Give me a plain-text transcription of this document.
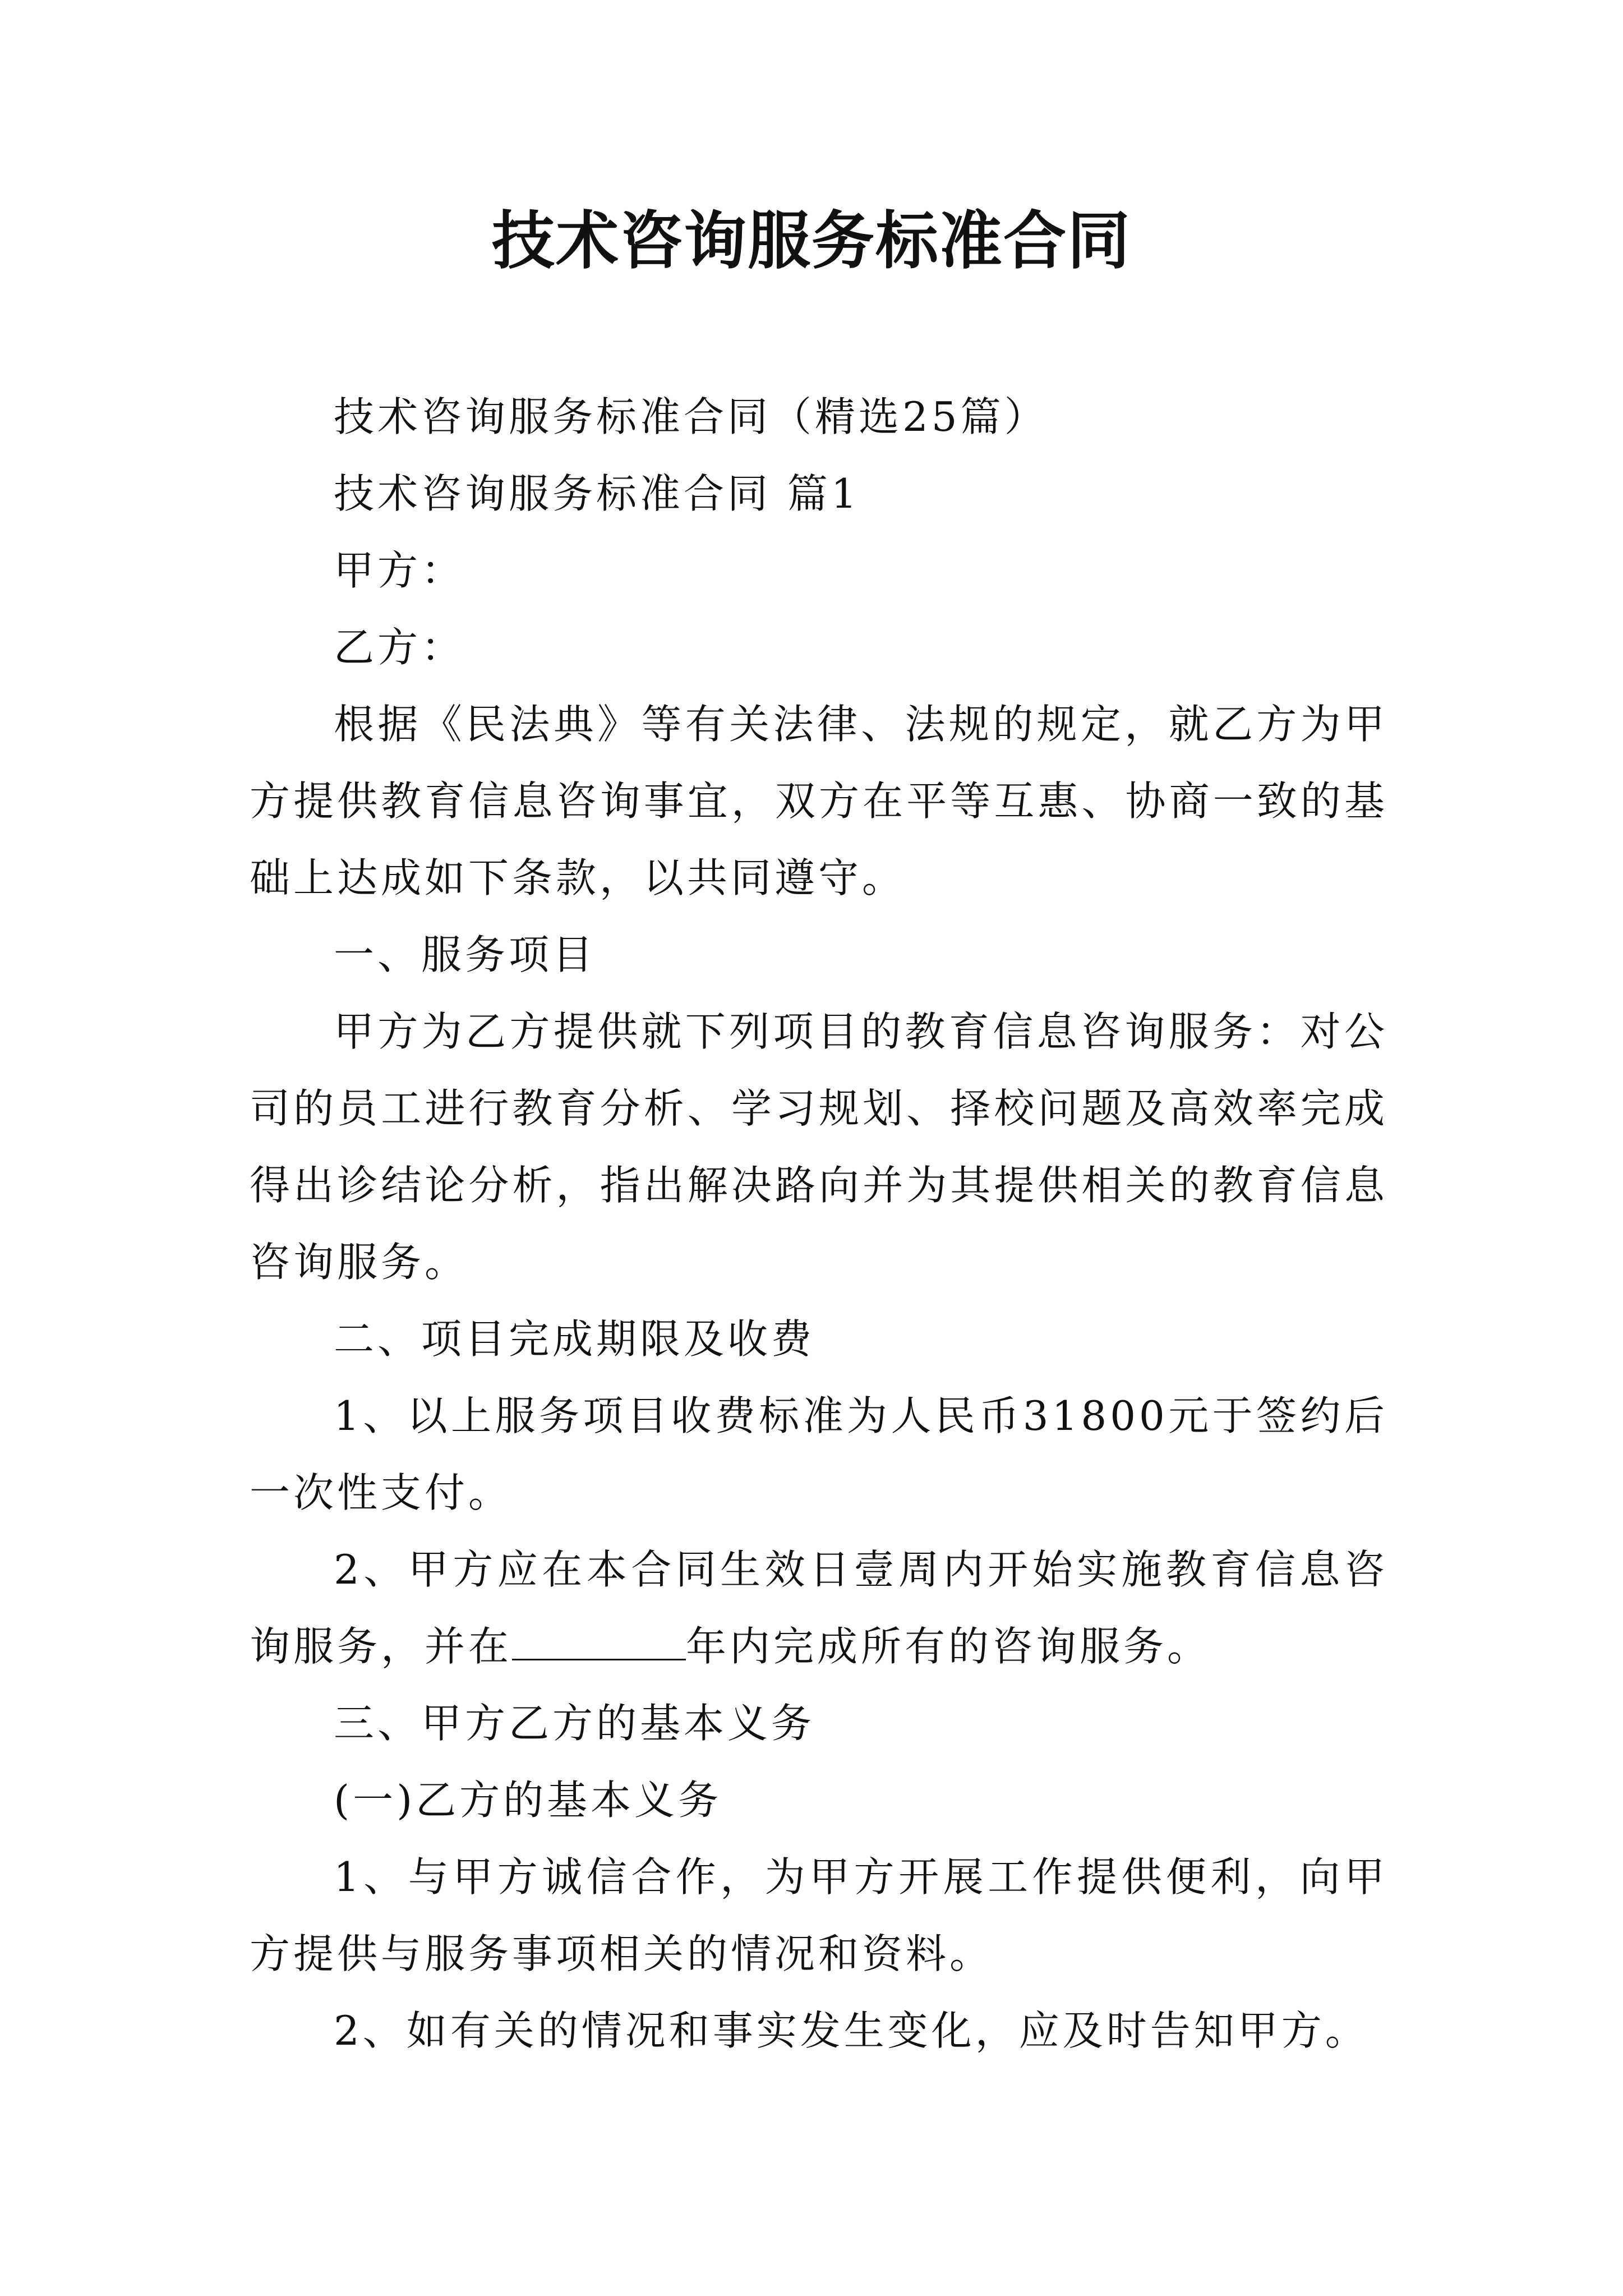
技术咨询服务标准合同

技术咨询服务标准合同（精选25篇）

技术咨询服务标准合同 篇1

甲方：

乙方：

根据《民法典》等有关法律、法规的规定，就乙方为甲方提供教育信息咨询事宜，双方在平等互惠、协商一致的基础上达成如下条款，以共同遵守。

一、服务项目

甲方为乙方提供就下列项目的教育信息咨询服务：对公司的员工进行教育分析、学习规划、择校问题及高效率完成得出诊结论分析，指出解决路向并为其提供相关的教育信息咨询服务。

二、项目完成期限及收费

1、以上服务项目收费标准为人民币31800元于签约后一次性支付。

2、甲方应在本合同生效日壹周内开始实施教育信息咨询服务，并在	年内完成所有的咨询服务。

三、甲方乙方的基本义务

(一)乙方的基本义务

1、与甲方诚信合作，为甲方开展工作提供便利，向甲方提供与服务事项相关的情况和资料。

2、如有关的情况和事实发生变化，应及时告知甲方。
